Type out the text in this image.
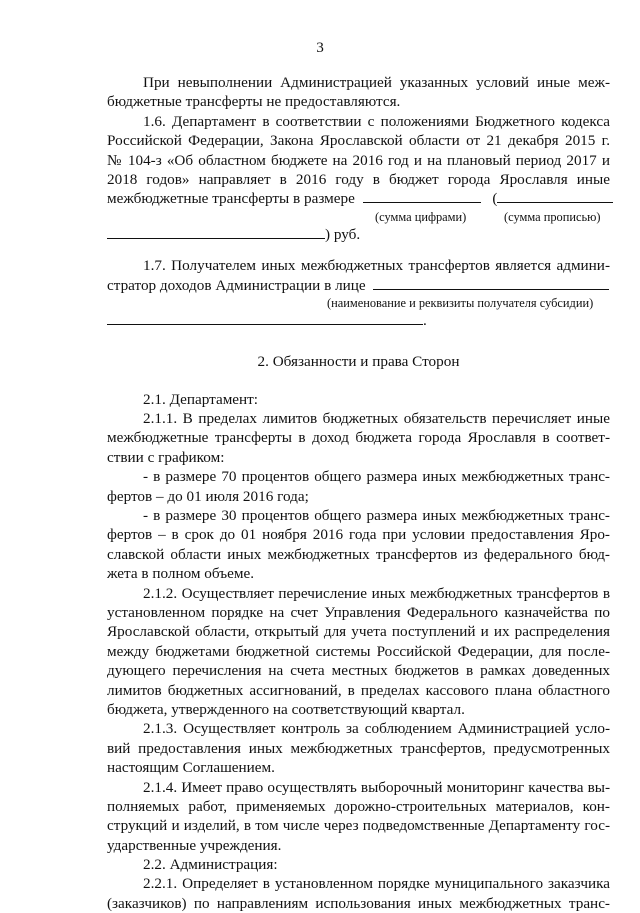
3
При невыполнении Администрацией указанных условий иные меж-
бюджетные трансферты не предоставляются.
1.6. Департамент в соответствии с положениями Бюджетного кодекса
Российской Федерации, Закона Ярославской области от 21 декабря 2015 г.
№ 104-з «Об областном бюджете на 2016 год и на плановый период 2017 и
2018 годов» направляет в 2016 году в бюджет города Ярославля иные
межбюджетные трансферты в размере	(
(сумма цифрами)	(сумма прописью)
) руб.
1.7. Получателем иных межбюджетных трансфертов является админи-
стратор доходов Администрации в лице
(наименование и реквизиты получателя субсидии)
.
2. Обязанности и права Сторон
2.1. Департамент:
2.1.1. В пределах лимитов бюджетных обязательств перечисляет иные
межбюджетные трансферты в доход бюджета города Ярославля в соответ-
ствии с графиком:
- в размере 70 процентов общего размера иных межбюджетных транс-
фертов – до 01 июля 2016 года;
- в размере 30 процентов общего размера иных межбюджетных транс-
фертов – в срок до 01 ноября 2016 года при условии предоставления Яро-
славской области иных межбюджетных трансфертов из федерального бюд-
жета в полном объеме.
2.1.2. Осуществляет перечисление иных межбюджетных трансфертов в
установленном порядке на счет Управления Федерального казначейства по
Ярославской области, открытый для учета поступлений и их распределения
между бюджетами бюджетной системы Российской Федерации, для после-
дующего перечисления на счета местных бюджетов в рамках доведенных
лимитов бюджетных ассигнований, в пределах кассового плана областного
бюджета, утвержденного на соответствующий квартал.
2.1.3. Осуществляет контроль за соблюдением Администрацией усло-
вий предоставления иных межбюджетных трансфертов, предусмотренных
настоящим Соглашением.
2.1.4. Имеет право осуществлять выборочный мониторинг качества вы-
полняемых работ, применяемых дорожно-строительных материалов, кон-
струкций и изделий, в том числе через подведомственные Департаменту гос-
ударственные учреждения.
2.2. Администрация:
2.2.1. Определяет в установленном порядке муниципального заказчика
(заказчиков) по направлениям использования иных межбюджетных транс-
